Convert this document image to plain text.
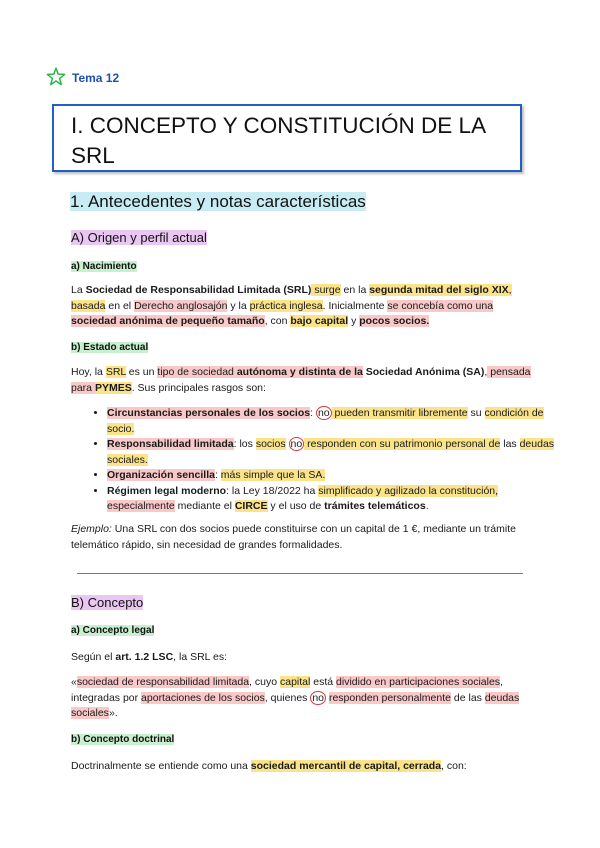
Tema 12
I. CONCEPTO Y CONSTITUCIÓN DE LA SRL
1. Antecedentes y notas características
A) Origen y perfil actual
a) Nacimiento
La Sociedad de Responsabilidad Limitada (SRL) surge en la segunda mitad del siglo XIX, basada en el Derecho anglosajón y la práctica inglesa. Inicialmente se concebía como una sociedad anónima de pequeño tamaño, con bajo capital y pocos socios.
b) Estado actual
Hoy, la SRL es un tipo de sociedad autónoma y distinta de la Sociedad Anónima (SA), pensada para PYMES. Sus principales rasgos son:
• Circunstancias personales de los socios: no pueden transmitir libremente su condición de socio.
• Responsabilidad limitada: los socios no responden con su patrimonio personal de las deudas sociales.
• Organización sencilla: más simple que la SA.
• Régimen legal moderno: la Ley 18/2022 ha simplificado y agilizado la constitución, especialmente mediante el CIRCE y el uso de trámites telemáticos.
Ejemplo: Una SRL con dos socios puede constituirse con un capital de 1 €, mediante un trámite telemático rápido, sin necesidad de grandes formalidades.
B) Concepto
a) Concepto legal
Según el art. 1.2 LSC, la SRL es:
«sociedad de responsabilidad limitada, cuyo capital está dividido en participaciones sociales, integradas por aportaciones de los socios, quienes no responden personalmente de las deudas sociales».
b) Concepto doctrinal
Doctrinalmente se entiende como una sociedad mercantil de capital, cerrada, con:
